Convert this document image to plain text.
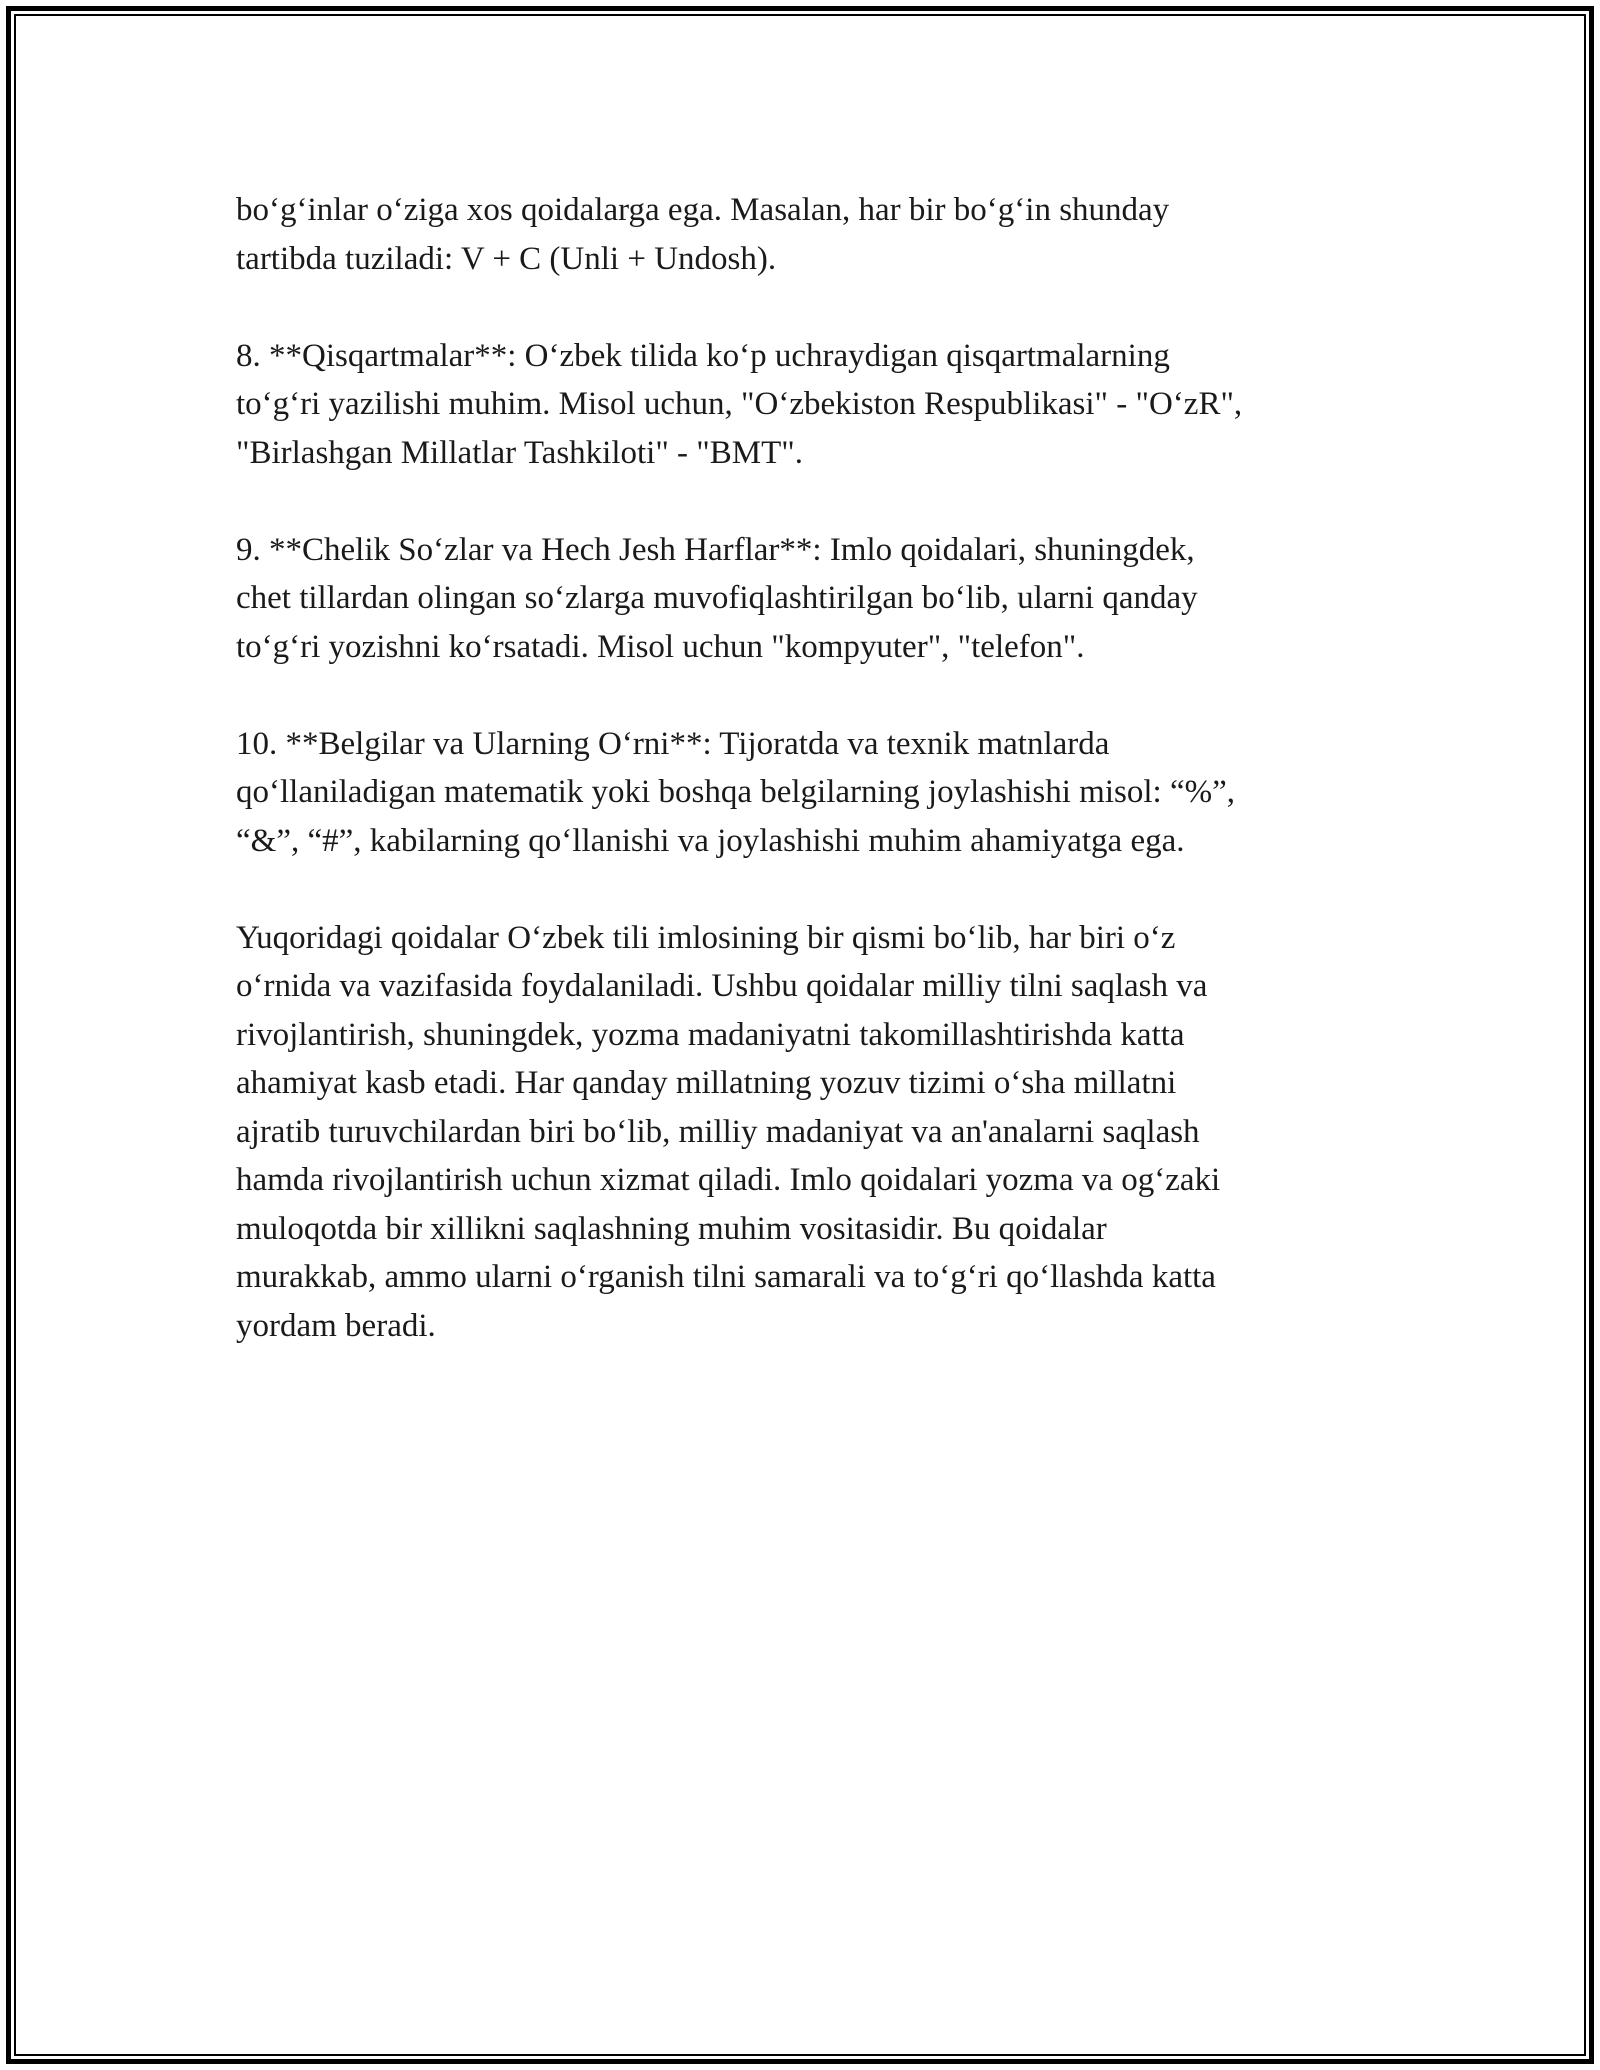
bo‘g‘inlar o‘ziga xos qoidalarga ega. Masalan, har bir bo‘g‘in shunday
tartibda tuziladi: V + C (Unli + Undosh).
8. **Qisqartmalar**: O‘zbek tilida ko‘p uchraydigan qisqartmalarning
to‘g‘ri yazilishi muhim. Misol uchun, "O‘zbekiston Respublikasi" - "O‘zR",
"Birlashgan Millatlar Tashkiloti" - "BMT".
9. **Chelik So‘zlar va Hech Jesh Harflar**: Imlo qoidalari, shuningdek,
chet tillardan olingan so‘zlarga muvofiqlashtirilgan bo‘lib, ularni qanday
to‘g‘ri yozishni ko‘rsatadi. Misol uchun "kompyuter", "telefon".
10. **Belgilar va Ularning O‘rni**: Tijoratda va texnik matnlarda
qo‘llaniladigan matematik yoki boshqa belgilarning joylashishi misol: “%”,
“&”, “#”, kabilarning qo‘llanishi va joylashishi muhim ahamiyatga ega.
Yuqoridagi qoidalar O‘zbek tili imlosining bir qismi bo‘lib, har biri o‘z
o‘rnida va vazifasida foydalaniladi. Ushbu qoidalar milliy tilni saqlash va
rivojlantirish, shuningdek, yozma madaniyatni takomillashtirishda katta
ahamiyat kasb etadi. Har qanday millatning yozuv tizimi o‘sha millatni
ajratib turuvchilardan biri bo‘lib, milliy madaniyat va an'analarni saqlash
hamda rivojlantirish uchun xizmat qiladi. Imlo qoidalari yozma va og‘zaki
muloqotda bir xillikni saqlashning muhim vositasidir. Bu qoidalar
murakkab, ammo ularni o‘rganish tilni samarali va to‘g‘ri qo‘llashda katta
yordam beradi.
